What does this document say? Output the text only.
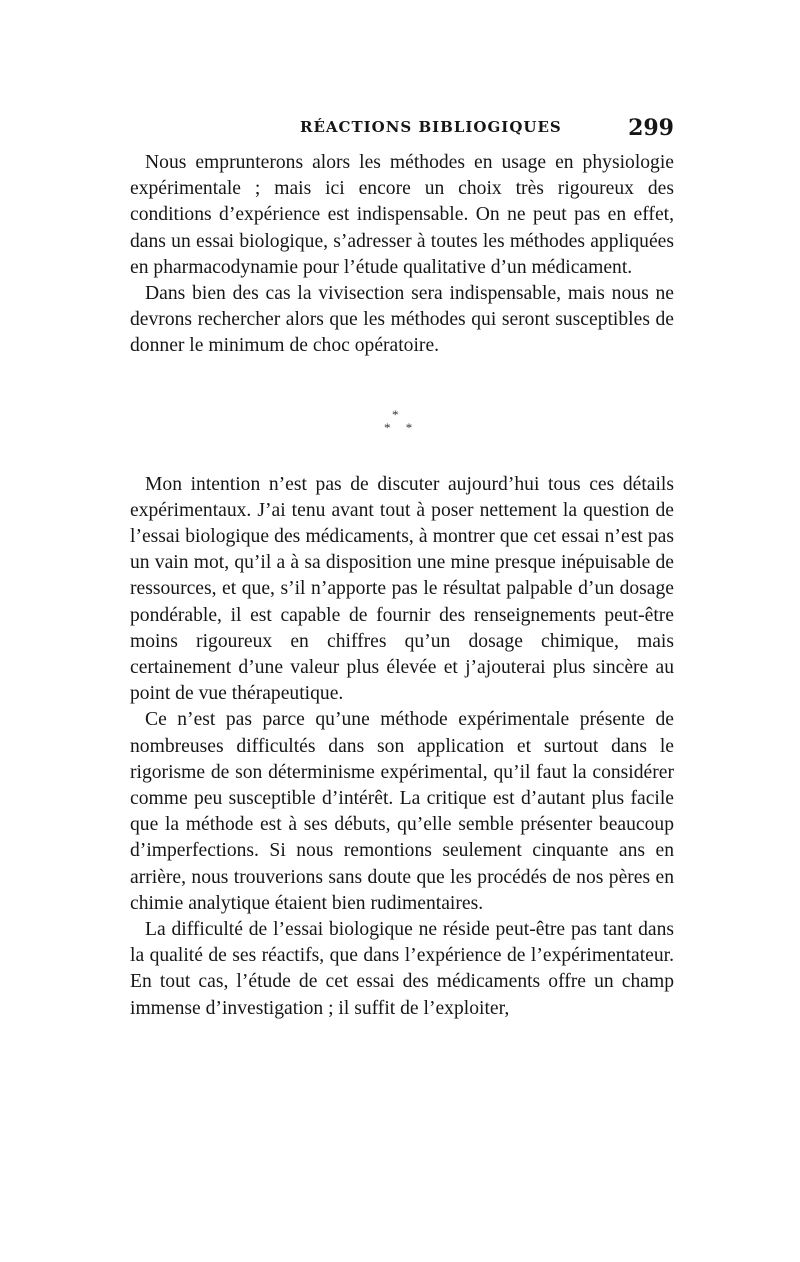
RÉACTIONS BIBLIOGIQUES	299

Nous emprunterons alors les méthodes en usage en physiologie expérimentale ; mais ici encore un choix très rigoureux des conditions d’expérience est indispensable. On ne peut pas en effet, dans un essai biologique, s’adresser à toutes les méthodes appliquées en pharmacodynamie pour l’étude qualitative d’un médicament.

Dans bien des cas la vivisection sera indispensable, mais nous ne devrons rechercher alors que les méthodes qui seront susceptibles de donner le minimum de choc opératoire.

*
* *

Mon intention n’est pas de discuter aujourd’hui tous ces détails expérimentaux. J’ai tenu avant tout à poser nettement la question de l’essai biologique des médicaments, à montrer que cet essai n’est pas un vain mot, qu’il a à sa disposition une mine presque inépuisable de ressources, et que, s’il n’apporte pas le résultat palpable d’un dosage pondérable, il est capable de fournir des renseignements peut-être moins rigoureux en chiffres qu’un dosage chimique, mais certainement d’une valeur plus élevée et j’ajouterai plus sincère au point de vue thérapeutique.

Ce n’est pas parce qu’une méthode expérimentale présente de nombreuses difficultés dans son application et surtout dans le rigorisme de son déterminisme expérimental, qu’il faut la considérer comme peu susceptible d’intérêt. La critique est d’autant plus facile que la méthode est à ses débuts, qu’elle semble présenter beaucoup d’imperfections. Si nous remontions seulement cinquante ans en arrière, nous trouverions sans doute que les procédés de nos pères en chimie analytique étaient bien rudimentaires.

La difficulté de l’essai biologique ne réside peut-être pas tant dans la qualité de ses réactifs, que dans l’expérience de l’expérimentateur. En tout cas, l’étude de cet essai des médicaments offre un champ immense d’investigation ; il suffit de l’exploiter,
